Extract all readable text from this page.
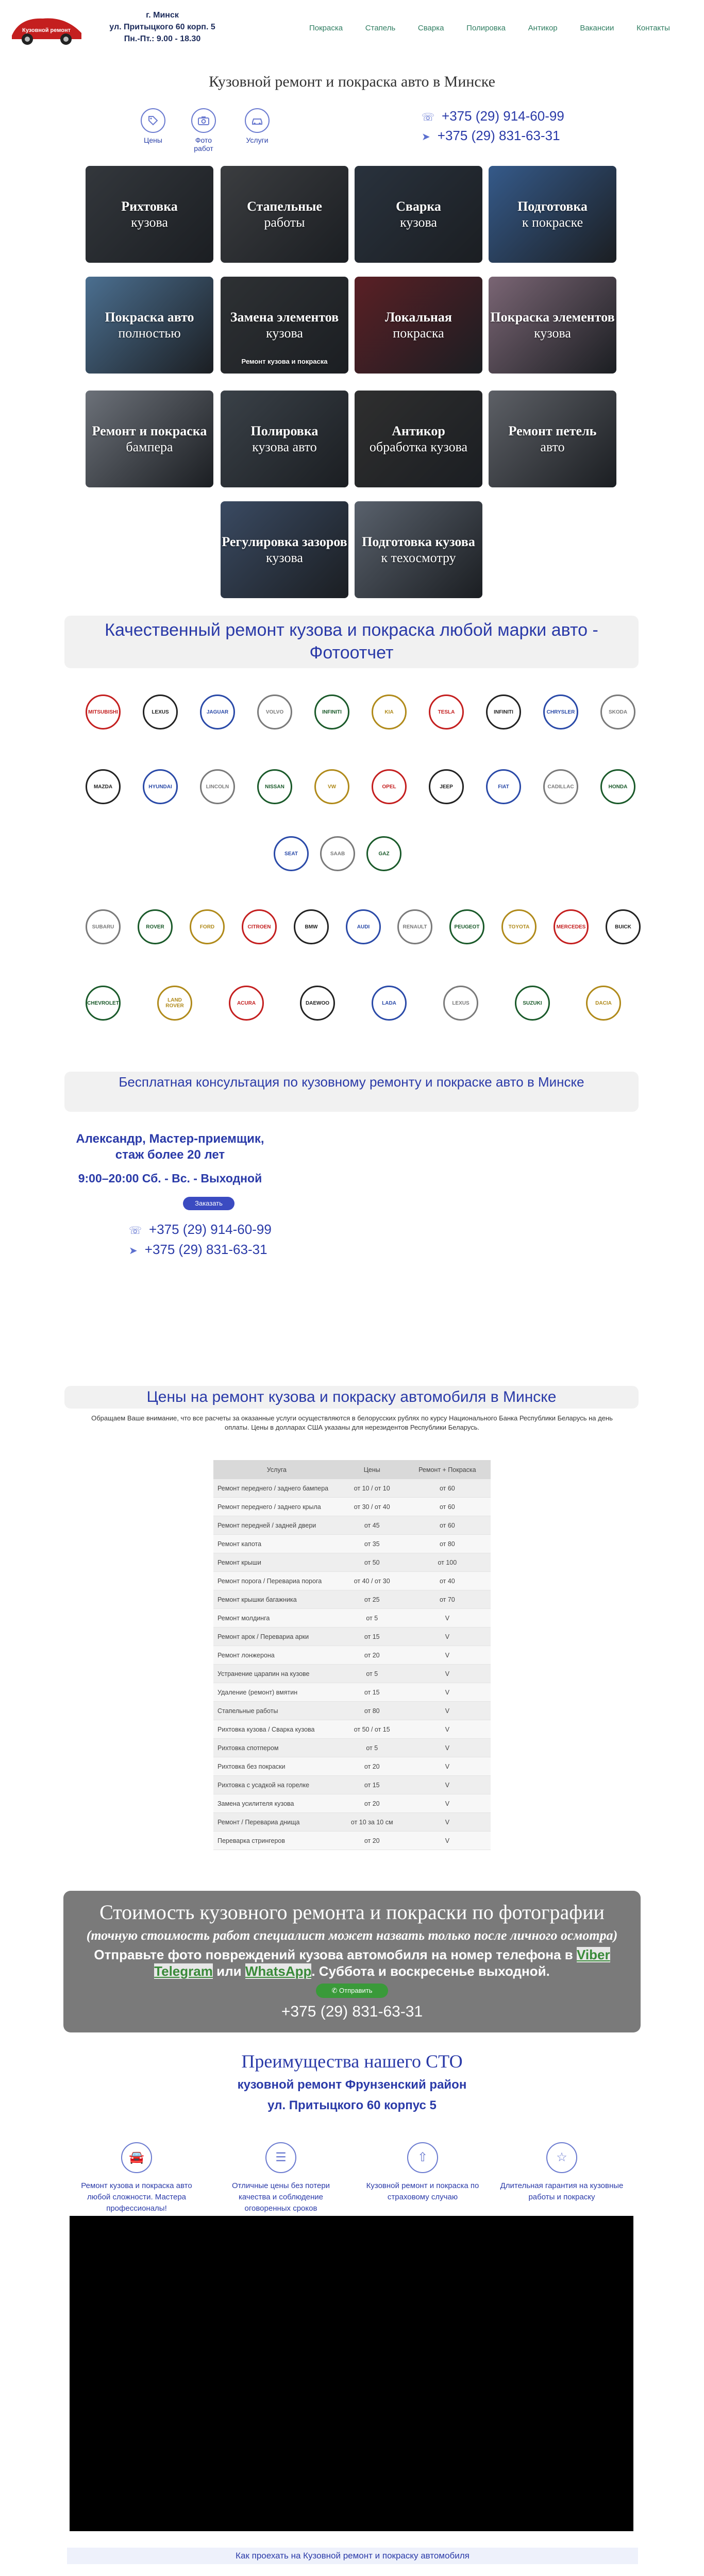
Кузовной ремонт
г. Минск
ул. Притыцкого 60 корп. 5
Пн.-Пт.: 9.00 - 18.30
Покраска	Стапель	Сварка	Полировка	Антикор	Вакансии	Контакты
Кузовной ремонт и покраска авто в Минске
Цены	Фото работ
Услуги
☏ +375 (29) 914-60-99
➤ +375 (29) 831-63-31
Рихтовка
кузова
Стапельные
работы
Сварка
кузова
Подготовка
к покраске
Покраска авто
полностью
Замена элементов
кузова
Ремонт кузова и покраска
Локальная
покраска
Покраска элементов
кузова
Ремонт и покраска
бампера
Полировка
кузова авто
Антикор
обработка кузова
Ремонт петель
авто
Регулировка зазоров
кузова
Подготовка кузова
к техосмотру
Качественный ремонт кузова и покраска любой марки авто - Фотоотчет
MITSUBISHI	LEXUS	JAGUAR	VOLVO	INFINITI	KIA	TESLA	INFINITI	CHRYSLER	SKODA
MAZDA	HYUNDAI	LINCOLN	NISSAN	VW	OPEL	JEEP	FIAT	CADILLAC	HONDA
SEAT	SAAB	GAZ
SUBARU	ROVER	FORD	CITROEN	BMW	AUDI	RENAULT	PEUGEOT	TOYOTA	MERCEDES	BUICK
CHEVROLET	LAND ROVER	ACURA	DAEWOO	LADA	LEXUS	SUZUKI	DACIA
Бесплатная консультация по кузовному ремонту и покраске авто в Минске
Александр, Мастер-приемщик, стаж более 20 лет
9:00–20:00 Сб. - Вс. - Выходной
Заказать
☏ +375 (29) 914-60-99
➤ +375 (29) 831-63-31
Цены на ремонт кузова и покраску автомобиля в Минске
Обращаем Ваше внимание, что все расчеты за оказанные услуги осуществляются в белорусских рублях по курсу Национального Банка Республики Беларусь на день оплаты. Цены в долларах США указаны для нерезидентов Республики Беларусь.
Услуга	Цены	Ремонт + Покраска
Ремонт переднего / заднего бампера	от 10 / от 10	от 60
Ремонт переднего / заднего крыла	от 30 / от 40	от 60
Ремонт передней / задней двери	от 45	от 60
Ремонт капота	от 35	от 80
Ремонт крыши	от 50	от 100
Ремонт порога / Перевариа порога	от 40 / от 30	от 40
Ремонт крышки багажника	от 25	от 70
Ремонт молдинга	от 5	V
Ремонт арок / Перевариа арки	от 15	V
Ремонт лонжерона	от 20	V
Устранение царапин на кузове	от 5	V
Удаление (ремонт) вмятин	от 15	V
Стапельные работы	от 80	V
Рихтовка кузова / Сварка кузова	от 50 / от 15	V
Рихтовка спотпером	от 5	V
Рихтовка без покраски	от 20	V
Рихтовка с усадкой на горелке	от 15	V
Замена усилителя кузова	от 20	V
Ремонт / Перевариа днища	от 10 за 10 см	V
Переварка стрингеров	от 20	V
Стоимость кузовного ремонта и покраски по фотографии
(точную стоимость работ специалист может назвать только после личного осмотра)
Отправьте фото повреждений кузова автомобиля на номер телефона в Viber Telegram или WhatsApp. Суббота и воскресенье выходной.
✆ Отправить
+375 (29) 831-63-31
Преимущества нашего СТО
кузовной ремонт Фрунзенский район
ул. Притыцкого 60 корпус 5
🚘
Ремонт кузова и покраска авто любой сложности. Мастера профессионалы!
☰
Отличные цены без потери качества и соблюдение оговоренных сроков
⇧
Кузовной ремонт и покраска по страховому случаю
☆
Длительная гарантия на кузовные работы и покраску
Как проехать на Кузовной ремонт и покраску автомобиля
